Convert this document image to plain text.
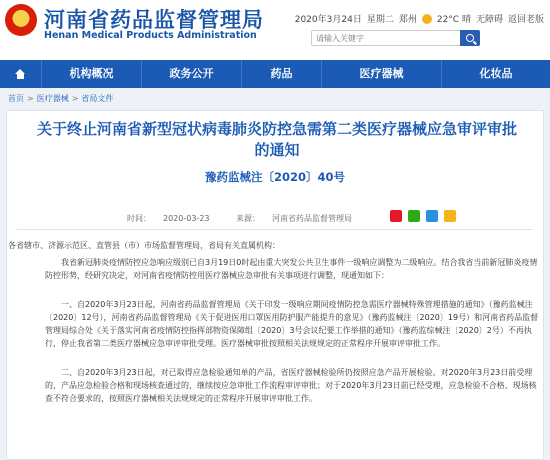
河南省药品监督管理局
Henan Medical Products Administration
2020年3月24日 星期二 郑州 22°C 晴 无障碍 返回老版
请输入关键字
机构概况	政务公开	药品	医疗器械	化妆品
首页 > 医疗器械 > 省局文件
关于终止河南省新型冠状病毒肺炎防控急需第二类医疗器械应急审评审批的通知
豫药监械注〔2020〕40号
时间： 2020-03-23	来源： 河南省药品监督管理局

各省辖市、济源示范区、直管县（市）市场监督管理局，省局有关直属机构：

我省新冠肺炎疫情防控应急响应级别已自3月19日0时起由重大突发公共卫生事件一级响应调整为二级响应。结合我省当前新冠肺炎疫情防控形势，经研究决定，对河南省疫情防控用医疗器械应急审批有关事项进行调整，现通知如下：

一、自2020年3月23日起，河南省药品监督管理局《关于印发一级响应期间疫情防控急需医疗器械特殊管理措施的通知》（豫药监械注〔2020〕12号），河南省药品监督管理局《关于促进医用口罩医用防护服产能提升的意见》（豫药监械注〔2020〕19号）和河南省药品监督管理局综合处《关于落实河南省疫情防控指挥部物资保障组〔2020〕3号会议纪要工作举措的通知》（豫药监综械注〔2020〕2号）不再执行，停止我省第二类医疗器械应急审评审批受理。医疗器械审批按照相关法规规定的正常程序开展审评审批工作。

二、自2020年3月23日起，对已取得应急检验通知单的产品，省医疗器械检验所仍按照应急产品开展检验。对2020年3月23日前受理的，产品应急检验合格和现场核查通过的，继续按应急审批工作流程审评审批；对于2020年3月23日前已经受理，应急检验不合格、现场核查不符合要求的，按照医疗器械相关法规规定的正常程序开展审评审批工作。
